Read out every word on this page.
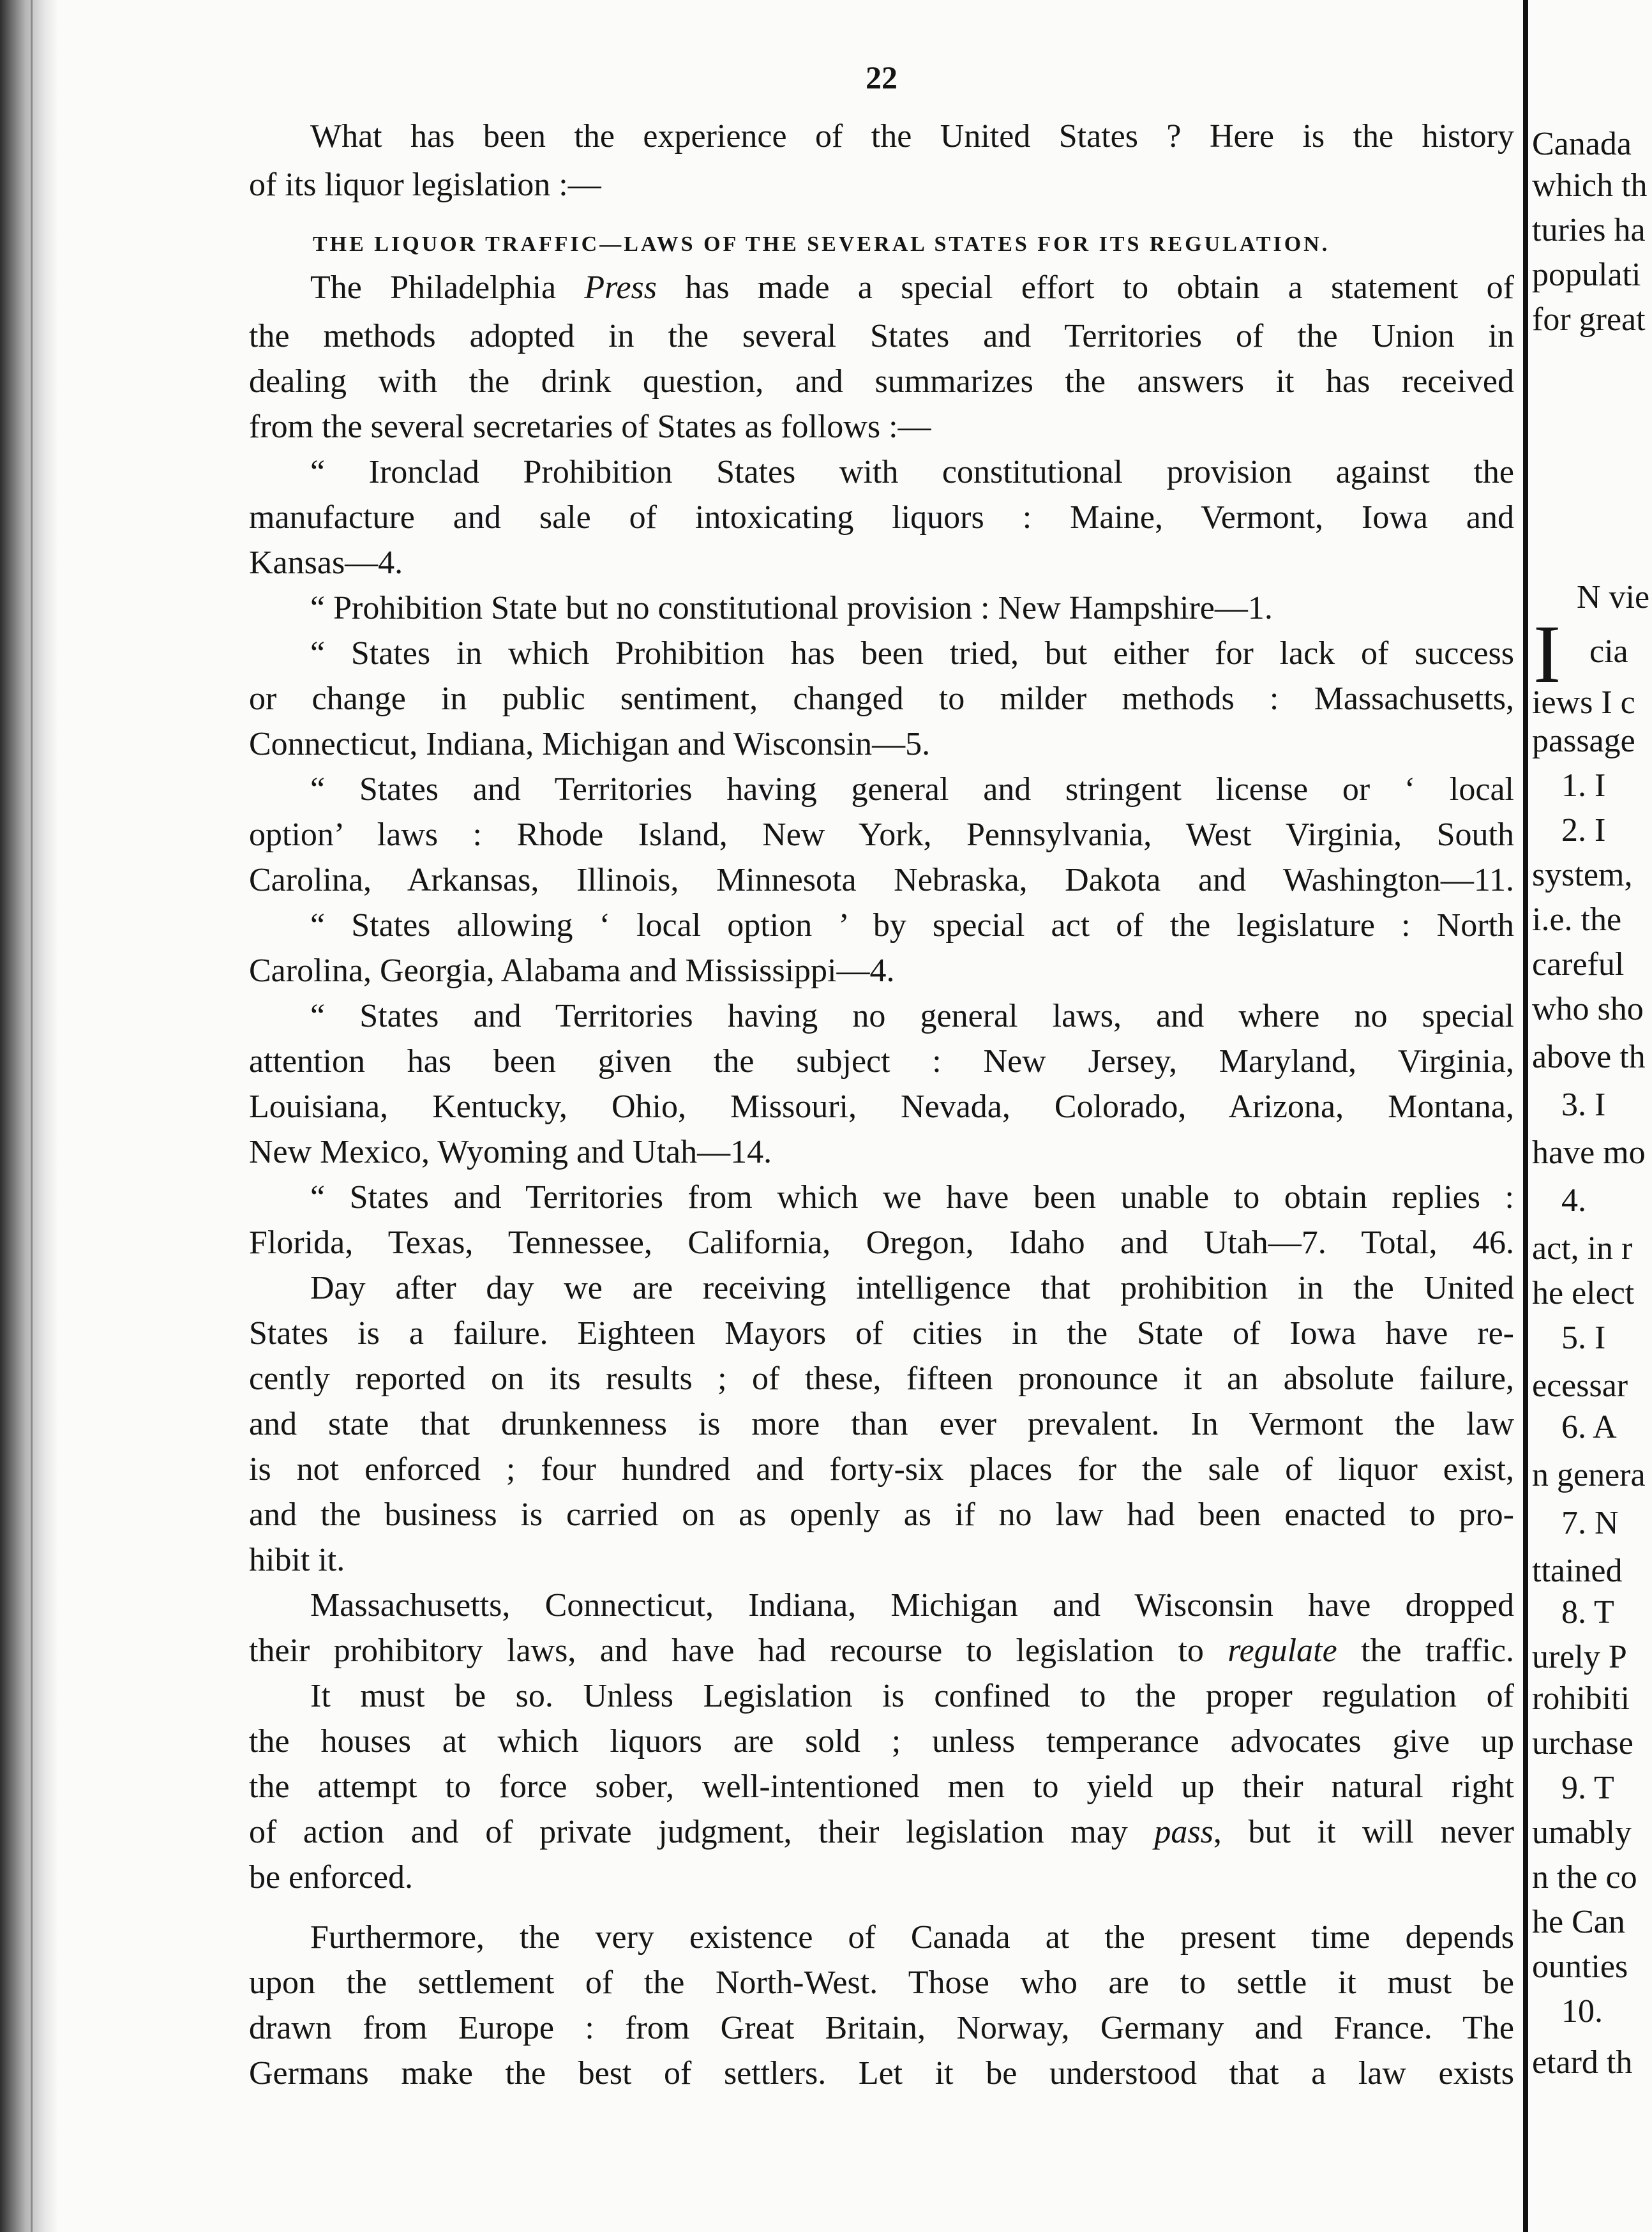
22
What has been the experience of the United States ? Here is the history
of its liquor legislation :—
THE LIQUOR TRAFFIC—LAWS OF THE SEVERAL STATES FOR ITS REGULATION.
The Philadelphia Press has made a special effort to obtain a statement of
the methods adopted in the several States and Territories of the Union in
dealing with the drink question, and summarizes the answers it has received
from the several secretaries of States as follows :—
“ Ironclad Prohibition States with constitutional provision against the
manufacture and sale of intoxicating liquors : Maine, Vermont, Iowa and
Kansas—4.
“ Prohibition State but no constitutional provision : New Hampshire—1.
“ States in which Prohibition has been tried, but either for lack of success
or change in public sentiment, changed to milder methods : Massachusetts,
Connecticut, Indiana, Michigan and Wisconsin—5.
“ States and Territories having general and stringent license or ‘ local
option’ laws : Rhode Island, New York, Pennsylvania, West Virginia, South
Carolina, Arkansas, Illinois, Minnesota Nebraska, Dakota and Washington—11.
“ States allowing ‘ local option ’ by special act of the legislature : North
Carolina, Georgia, Alabama and Mississippi—4.
“ States and Territories having no general laws, and where no special
attention has been given the subject : New Jersey, Maryland, Virginia,
Louisiana, Kentucky, Ohio, Missouri, Nevada, Colorado, Arizona, Montana,
New Mexico, Wyoming and Utah—14.
“ States and Territories from which we have been unable to obtain replies :
Florida, Texas, Tennessee, California, Oregon, Idaho and Utah—7. Total, 46.
Day after day we are receiving intelligence that prohibition in the United
States is a failure. Eighteen Mayors of cities in the State of Iowa have re-
cently reported on its results ; of these, fifteen pronounce it an absolute failure,
and state that drunkenness is more than ever prevalent. In Vermont the law
is not enforced ; four hundred and forty-six places for the sale of liquor exist,
and the business is carried on as openly as if no law had been enacted to pro-
hibit it.
Massachusetts, Connecticut, Indiana, Michigan and Wisconsin have dropped
their prohibitory laws, and have had recourse to legislation to regulate the traffic.
It must be so. Unless Legislation is confined to the proper regulation of
the houses at which liquors are sold ; unless temperance advocates give up
the attempt to force sober, well-intentioned men to yield up their natural right
of action and of private judgment, their legislation may pass, but it will never
be enforced.
Furthermore, the very existence of Canada at the present time depends
upon the settlement of the North-West. Those who are to settle it must be
drawn from Europe : from Great Britain, Norway, Germany and France. The
Germans make the best of settlers. Let it be understood that a law exists
Canada
which th
turies ha
populati
for great
I
N vie
cia
iews I c
passage
1. I
2. I
system,
i.e. the
careful
who sho
above th
3. I
have mo
4.
act, in r
he elect
5. I
ecessar
6. A
n genera
7. N
ttained
8. T
urely P
rohibiti
urchase
9. T
umably
n the co
he Can
ounties
10.
etard th
